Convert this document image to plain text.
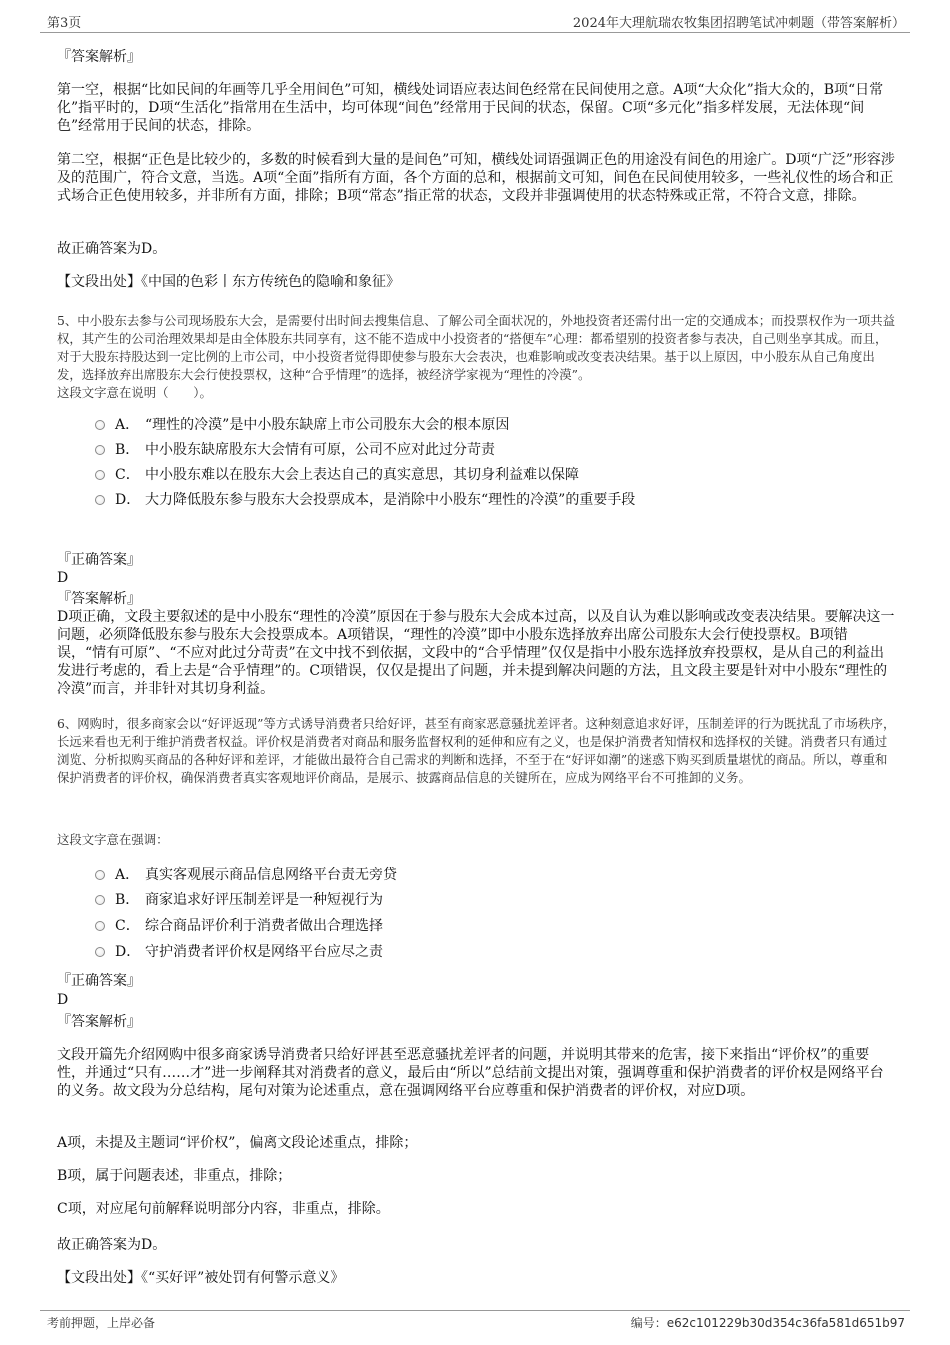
第3页	2024年大理航瑞农牧集团招聘笔试冲刺题（带答案解析）
『答案解析』
第一空，根据“比如民间的年画等几乎全用间色”可知，横线处词语应表达间色经常在民间使用之意。A项“大众化”指大众的，B项“日常化”指平时的，D项“生活化”指常用在生活中，均可体现“间色”经常用于民间的状态，保留。C项“多元化”指多样发展，无法体现“间色”经常用于民间的状态，排除。
第二空，根据“正色是比较少的，多数的时候看到大量的是间色”可知，横线处词语强调正色的用途没有间色的用途广。D项“广泛”形容涉及的范围广，符合文意，当选。A项“全面”指所有方面，各个方面的总和，根据前文可知，间色在民间使用较多，一些礼仪性的场合和正式场合正色使用较多，并非所有方面，排除；B项“常态”指正常的状态，文段并非强调使用的状态特殊或正常，不符合文意，排除。
故正确答案为D。
【文段出处】《中国的色彩丨东方传统色的隐喻和象征》
5、中小股东去参与公司现场股东大会，是需要付出时间去搜集信息、了解公司全面状况的，外地投资者还需付出一定的交通成本；而投票权作为一项共益权，其产生的公司治理效果却是由全体股东共同享有，这不能不造成中小投资者的“搭便车”心理：都希望别的投资者参与表决，自己则坐享其成。而且，对于大股东持股达到一定比例的上市公司，中小投资者觉得即使参与股东大会表决，也难影响或改变表决结果。基于以上原因，中小股东从自己角度出发，选择放弃出席股东大会行使投票权，这种“合乎情理”的选择，被经济学家视为“理性的冷漠”。
这段文字意在说明（　　）。
A． “理性的冷漠”是中小股东缺席上市公司股东大会的根本原因
B． 中小股东缺席股东大会情有可原，公司不应对此过分苛责
C． 中小股东难以在股东大会上表达自己的真实意思，其切身利益难以保障
D． 大力降低股东参与股东大会投票成本，是消除中小股东“理性的冷漠”的重要手段
『正确答案』
D
『答案解析』
D项正确，文段主要叙述的是中小股东“理性的冷漠”原因在于参与股东大会成本过高，以及自认为难以影响或改变表决结果。要解决这一问题，必须降低股东参与股东大会投票成本。A项错误，“理性的冷漠”即中小股东选择放弃出席公司股东大会行使投票权。B项错误，“情有可原”、“不应对此过分苛责”在文中找不到依据，文段中的“合乎情理”仅仅是指中小股东选择放弃投票权，是从自己的利益出发进行考虑的，看上去是“合乎情理”的。C项错误，仅仅是提出了问题，并未提到解决问题的方法，且文段主要是针对中小股东“理性的冷漠”而言，并非针对其切身利益。
6、网购时，很多商家会以“好评返现”等方式诱导消费者只给好评，甚至有商家恶意骚扰差评者。这种刻意追求好评，压制差评的行为既扰乱了市场秩序，长远来看也无利于维护消费者权益。评价权是消费者对商品和服务监督权利的延伸和应有之义，也是保护消费者知情权和选择权的关键。消费者只有通过浏览、分析拟购买商品的各种好评和差评，才能做出最符合自己需求的判断和选择，不至于在“好评如潮”的迷惑下购买到质量堪忧的商品。所以，尊重和保护消费者的评价权，确保消费者真实客观地评价商品，是展示、披露商品信息的关键所在，应成为网络平台不可推卸的义务。
这段文字意在强调：
A． 真实客观展示商品信息网络平台责无旁贷
B． 商家追求好评压制差评是一种短视行为
C． 综合商品评价利于消费者做出合理选择
D． 守护消费者评价权是网络平台应尽之责
『正确答案』
D
『答案解析』
文段开篇先介绍网购中很多商家诱导消费者只给好评甚至恶意骚扰差评者的问题，并说明其带来的危害，接下来指出“评价权”的重要性，并通过“只有……才”进一步阐释其对消费者的意义，最后由“所以”总结前文提出对策，强调尊重和保护消费者的评价权是网络平台的义务。故文段为分总结构，尾句对策为论述重点，意在强调网络平台应尊重和保护消费者的评价权，对应D项。
A项，未提及主题词“评价权”，偏离文段论述重点，排除；
B项，属于问题表述，非重点，排除；
C项，对应尾句前解释说明部分内容，非重点，排除。
故正确答案为D。
【文段出处】《“买好评”被处罚有何警示意义》
考前押题，上岸必备	编号：e62c101229b30d354c36fa581d651b97
